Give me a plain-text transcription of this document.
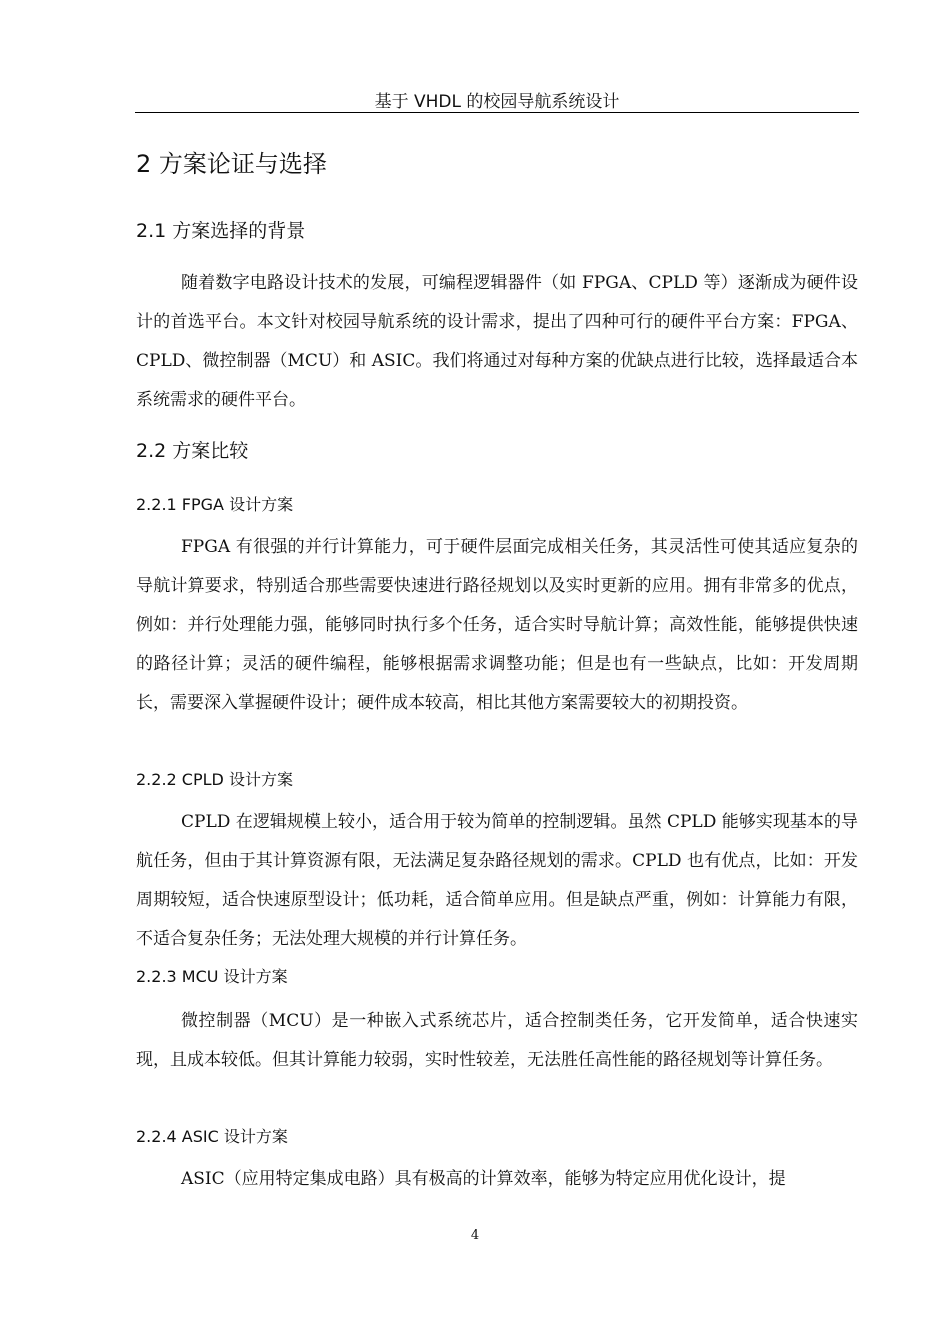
基于 VHDL 的校园导航系统设计
2 方案论证与选择
2.1 方案选择的背景

随着数字电路设计技术的发展，可编程逻辑器件（如 FPGA、CPLD 等）逐渐成为硬件设计的首选平台。本文针对校园导航系统的设计需求，提出了四种可行的硬件平台方案：FPGA、CPLD、微控制器（MCU）和 ASIC。我们将通过对每种方案的优缺点进行比较，选择最适合本系统需求的硬件平台。

2.2 方案比较
2.2.1 FPGA 设计方案

FPGA 有很强的并行计算能力，可于硬件层面完成相关任务，其灵活性可使其适应复杂的导航计算要求，特别适合那些需要快速进行路径规划以及实时更新的应用。拥有非常多的优点，例如：并行处理能力强，能够同时执行多个任务，适合实时导航计算；高效性能，能够提供快速的路径计算；灵活的硬件编程，能够根据需求调整功能；但是也有一些缺点，比如：开发周期长，需要深入掌握硬件设计；硬件成本较高，相比其他方案需要较大的初期投资。

2.2.2 CPLD 设计方案

CPLD 在逻辑规模上较小，适合用于较为简单的控制逻辑。虽然 CPLD 能够实现基本的导航任务，但由于其计算资源有限，无法满足复杂路径规划的需求。CPLD 也有优点，比如：开发周期较短，适合快速原型设计；低功耗，适合简单应用。但是缺点严重，例如：计算能力有限，不适合复杂任务；无法处理大规模的并行计算任务。

2.2.3 MCU 设计方案

微控制器（MCU）是一种嵌入式系统芯片，适合控制类任务，它开发简单，适合快速实现，且成本较低。但其计算能力较弱，实时性较差，无法胜任高性能的路径规划等计算任务。

2.2.4 ASIC 设计方案

ASIC（应用特定集成电路）具有极高的计算效率，能够为特定应用优化设计，提

4
